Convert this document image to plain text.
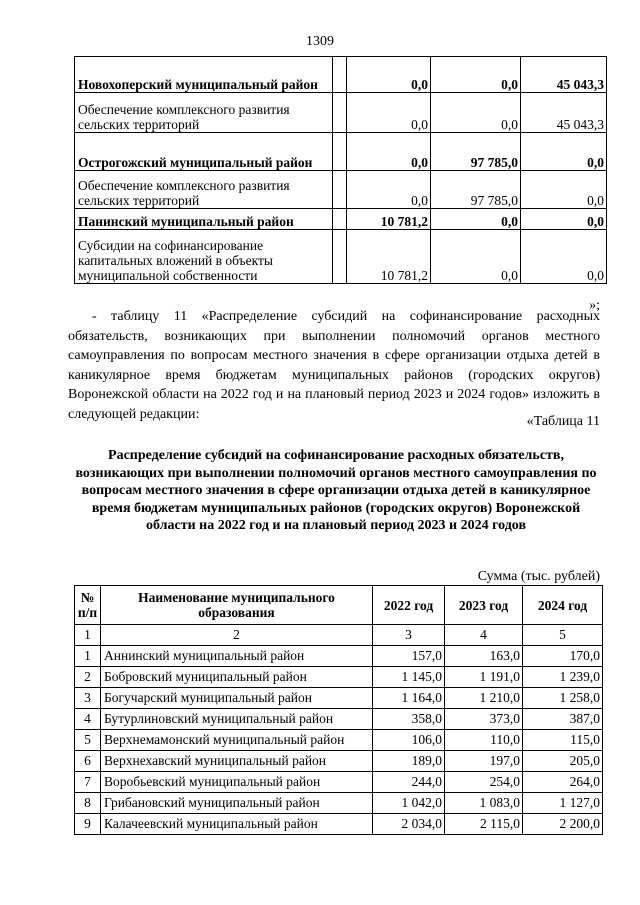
1309
Новохоперский муниципальный район		0,0	0,0	45 043,3
Обеспечение комплексного развития сельских территорий		0,0	0,0	45 043,3
Острогожский муниципальный район		0,0	97 785,0	0,0
Обеспечение комплексного развития сельских территорий		0,0	97 785,0	0,0
Панинский муниципальный район		10 781,2	0,0	0,0
Субсидии на софинансирование капитальных вложений в объекты муниципальной собственности		10 781,2	0,0	0,0
»;
- таблицу 11 «Распределение субсидий на софинансирование расходных обязательств, возникающих при выполнении полномочий органов местного самоуправления по вопросам местного значения в сфере организации отдыха детей в каникулярное время бюджетам муниципальных районов (городских округов) Воронежской области на 2022 год и на плановый период 2023 и 2024 годов» изложить в следующей редакции:	«Таблица 11
Распределение субсидий на софинансирование расходных обязательств, возникающих при выполнении полномочий органов местного самоуправления по вопросам местного значения в сфере организации отдыха детей в каникулярное время бюджетам муниципальных районов (городских округов) Воронежской области на 2022 год и на плановый период 2023 и 2024 годов
Сумма (тыс. рублей)
№ п/п	Наименование муниципального образования	2022 год	2023 год	2024 год
1	2	3	4	5
1	Аннинский муниципальный район	157,0	163,0	170,0
2	Бобровский муниципальный район	1 145,0	1 191,0	1 239,0
3	Богучарский муниципальный район	1 164,0	1 210,0	1 258,0
4	Бутурлиновский муниципальный район	358,0	373,0	387,0
5	Верхнемамонский муниципальный район	106,0	110,0	115,0
6	Верхнехавский муниципальный район	189,0	197,0	205,0
7	Воробьевский муниципальный район	244,0	254,0	264,0
8	Грибановский муниципальный район	1 042,0	1 083,0	1 127,0
9	Калачеевский муниципальный район	2 034,0	2 115,0	2 200,0
